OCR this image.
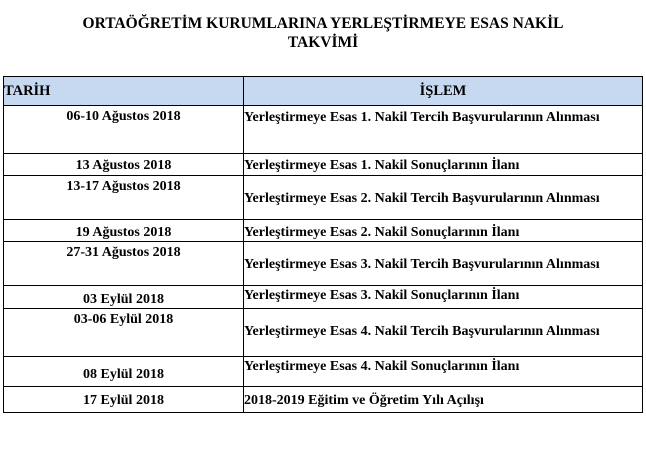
ORTAÖĞRETİM KURUMLARINA YERLEŞTİRMEYE ESAS NAKİL
TAKVİMİ
TARİH	İŞLEM
06-10 Ağustos 2018	Yerleştirmeye Esas 1. Nakil Tercih Başvurularının Alınması

13 Ağustos 2018	Yerleştirmeye Esas 1. Nakil Sonuçlarının İlanı

13-17 Ağustos 2018	Yerleştirmeye Esas 2. Nakil Tercih Başvurularının Alınması

19 Ağustos 2018	Yerleştirmeye Esas 2. Nakil Sonuçlarının İlanı

27-31 Ağustos 2018	Yerleştirmeye Esas 3. Nakil Tercih Başvurularının Alınması

03 Eylül 2018	Yerleştirmeye Esas 3. Nakil Sonuçlarının İlanı

03-06 Eylül 2018	Yerleştirmeye Esas 4. Nakil Tercih Başvurularının Alınması

08 Eylül 2018	Yerleştirmeye Esas 4. Nakil Sonuçlarının İlanı

17 Eylül 2018	2018-2019 Eğitim ve Öğretim Yılı Açılışı
